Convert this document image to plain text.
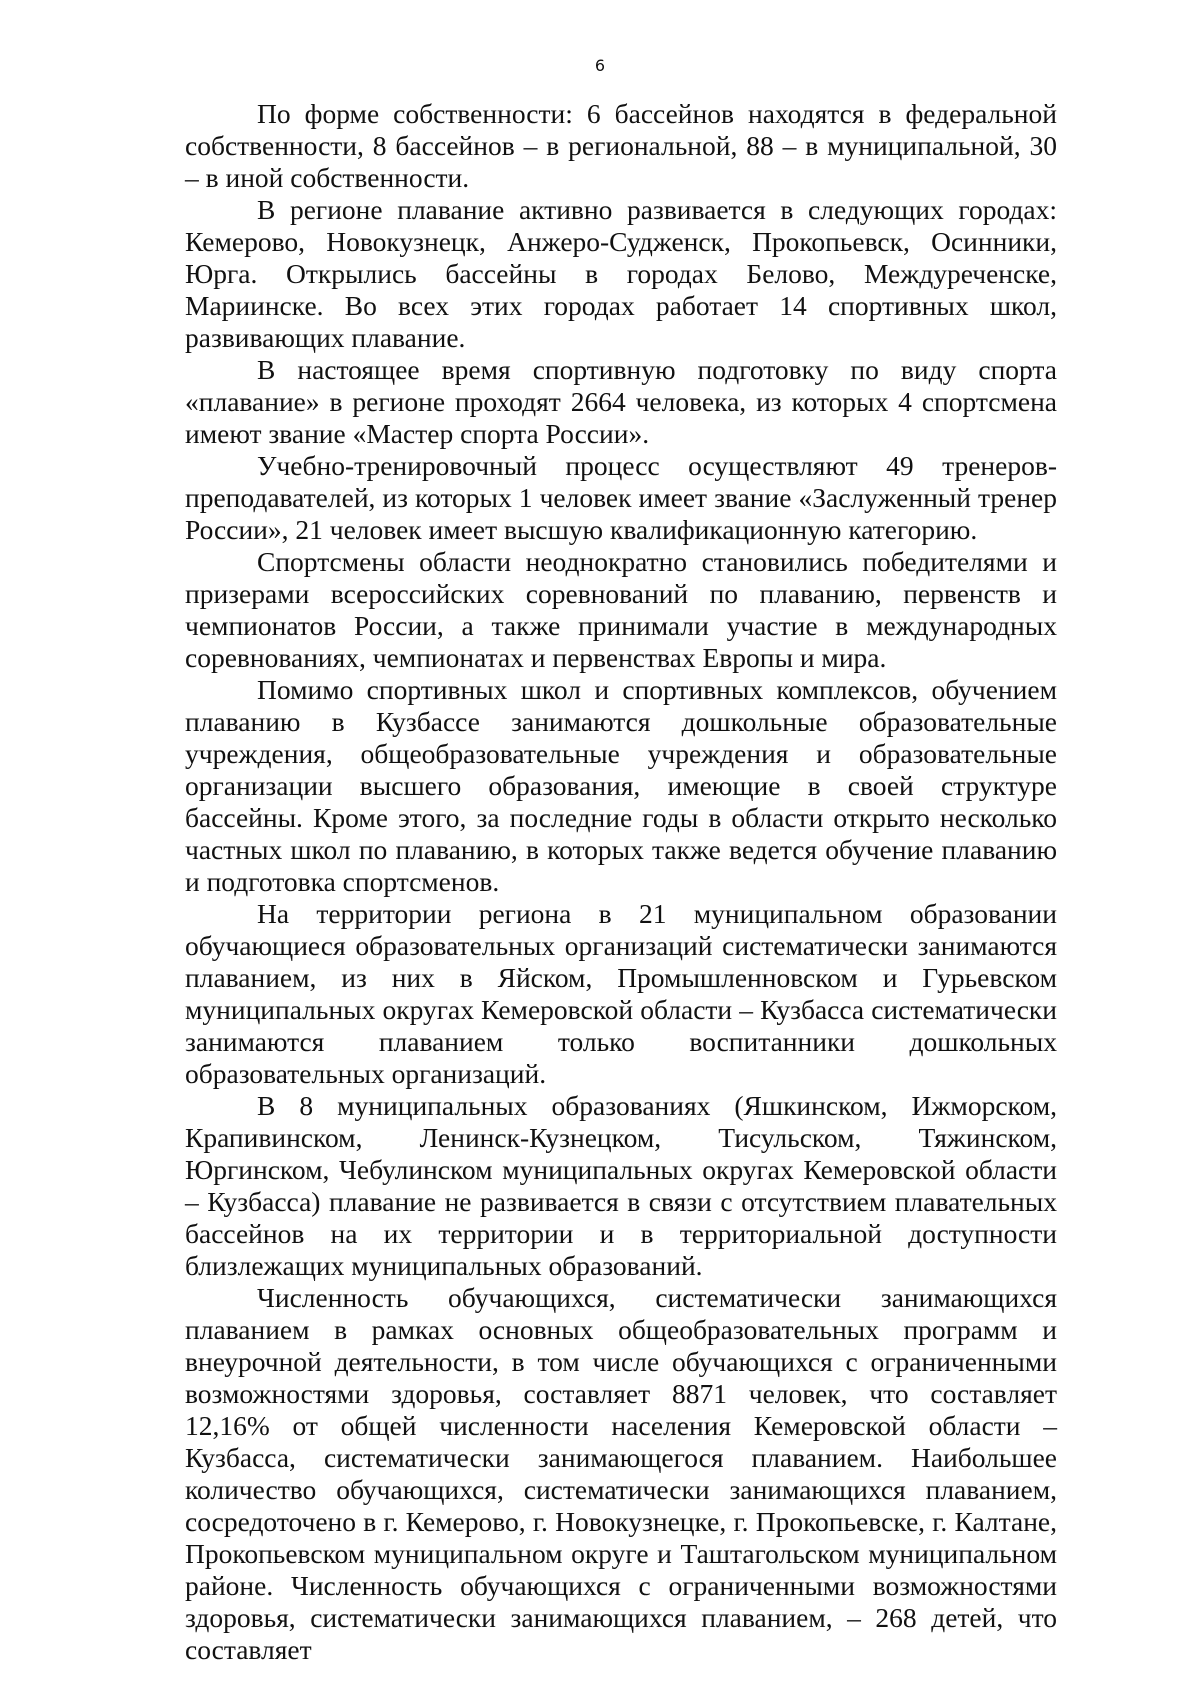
6

По форме собственности: 6 бассейнов находятся в федеральной собственности, 8 бассейнов – в региональной, 88 – в муниципальной, 30 – в иной собственности.

В регионе плавание активно развивается в следующих городах: Кемерово, Новокузнецк, Анжеро-Судженск, Прокопьевск, Осинники, Юрга. Открылись бассейны в городах Белово, Междуреченске, Мариинске. Во всех этих городах работает 14 спортивных школ, развивающих плавание.

В настоящее время спортивную подготовку по виду спорта «плавание» в регионе проходят 2664 человека, из которых 4 спортсмена имеют звание «Мастер спорта России».

Учебно-тренировочный процесс осуществляют 49 тренеров-преподавателей, из которых 1 человек имеет звание «Заслуженный тренер России», 21 человек имеет высшую квалификационную категорию.

Спортсмены области неоднократно становились победителями и призерами всероссийских соревнований по плаванию, первенств и чемпионатов России, а также принимали участие в международных соревнованиях, чемпионатах и первенствах Европы и мира.

Помимо спортивных школ и спортивных комплексов, обучением плаванию в Кузбассе занимаются дошкольные образовательные учреждения, общеобразовательные учреждения и образовательные организации высшего образования, имеющие в своей структуре бассейны. Кроме этого, за последние годы в области открыто несколько частных школ по плаванию, в которых также ведется обучение плаванию и подготовка спортсменов.

На территории региона в 21 муниципальном образовании обучающиеся образовательных организаций систематически занимаются плаванием, из них в Яйском, Промышленновском и Гурьевском муниципальных округах Кемеровской области – Кузбасса систематически занимаются плаванием только воспитанники дошкольных образовательных организаций.

В 8 муниципальных образованиях (Яшкинском, Ижморском, Крапивинском, Ленинск-Кузнецком, Тисульском, Тяжинском, Юргинском, Чебулинском муниципальных округах Кемеровской области – Кузбасса) плавание не развивается в связи с отсутствием плавательных бассейнов на их территории и в территориальной доступности близлежащих муниципальных образований.

Численность обучающихся, систематически занимающихся плаванием в рамках основных общеобразовательных программ и внеурочной деятельности, в том числе обучающихся с ограниченными возможностями здоровья, составляет 8871 человек, что составляет 12,16% от общей численности населения Кемеровской области – Кузбасса, систематически занимающегося плаванием. Наибольшее количество обучающихся, систематически занимающихся плаванием, сосредоточено в г. Кемерово, г. Новокузнецке, г. Прокопьевске, г. Калтане, Прокопьевском муниципальном округе и Таштагольском муниципальном районе. Численность обучающихся с ограниченными возможностями здоровья, систематически занимающихся плаванием, – 268 детей, что составляет
